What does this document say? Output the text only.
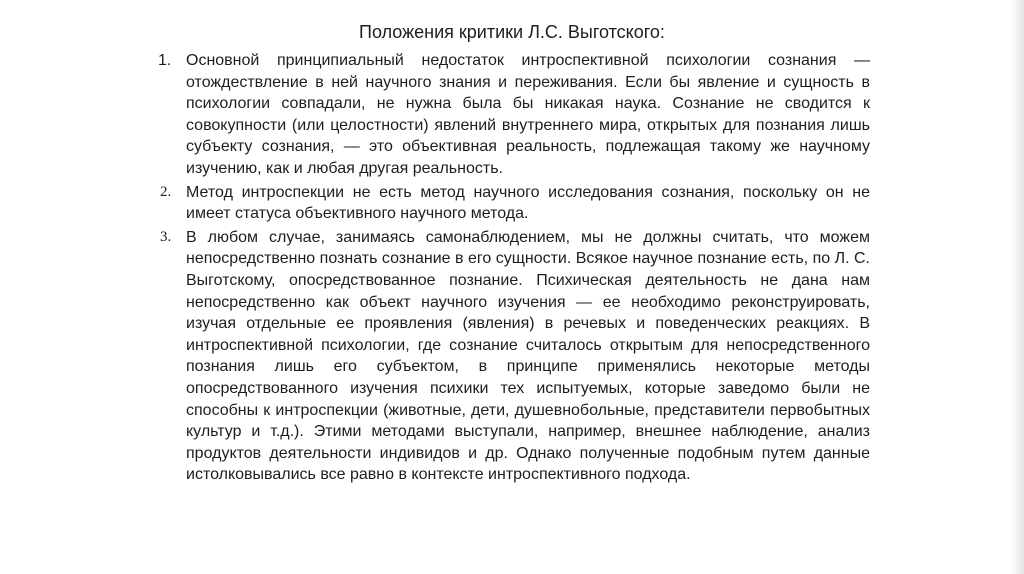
Положения критики Л.С. Выготского:
1. Основной принципиальный недостаток интроспективной психологии сознания — отождествление в ней научного знания и переживания. Если бы явление и сущность в психологии совпадали, не нужна была бы никакая наука. Сознание не сводится к совокупности (или целостности) явлений внутреннего мира, открытых для познания лишь субъекту сознания, — это объективная реальность, подлежащая такому же научному изучению, как и любая другая реальность.

2. Метод интроспекции не есть метод научного исследования сознания, поскольку он не имеет статуса объективного научного метода.

3. В любом случае, занимаясь самонаблюдением, мы не должны считать, что можем непосредственно познать сознание в его сущности. Всякое научное познание есть, по Л. С. Выготскому, опосредствованное познание. Психическая деятельность не дана нам непосредственно как объект научного изучения — ее необходимо реконструировать, изучая отдельные ее проявления (явления) в речевых и поведенческих реакциях. В интроспективной психологии, где сознание считалось открытым для непосредственного познания лишь его субъектом, в принципе применялись некоторые методы опосредствованного изучения психики тех испытуемых, которые заведомо были не способны к интроспекции (животные, дети, душевнобольные, представители первобытных культур и т.д.). Этими методами выступали, например, внешнее наблюдение, анализ продуктов деятельности индивидов и др. Однако полученные подобным путем данные истолковывались все равно в контексте интроспективного подхода.
